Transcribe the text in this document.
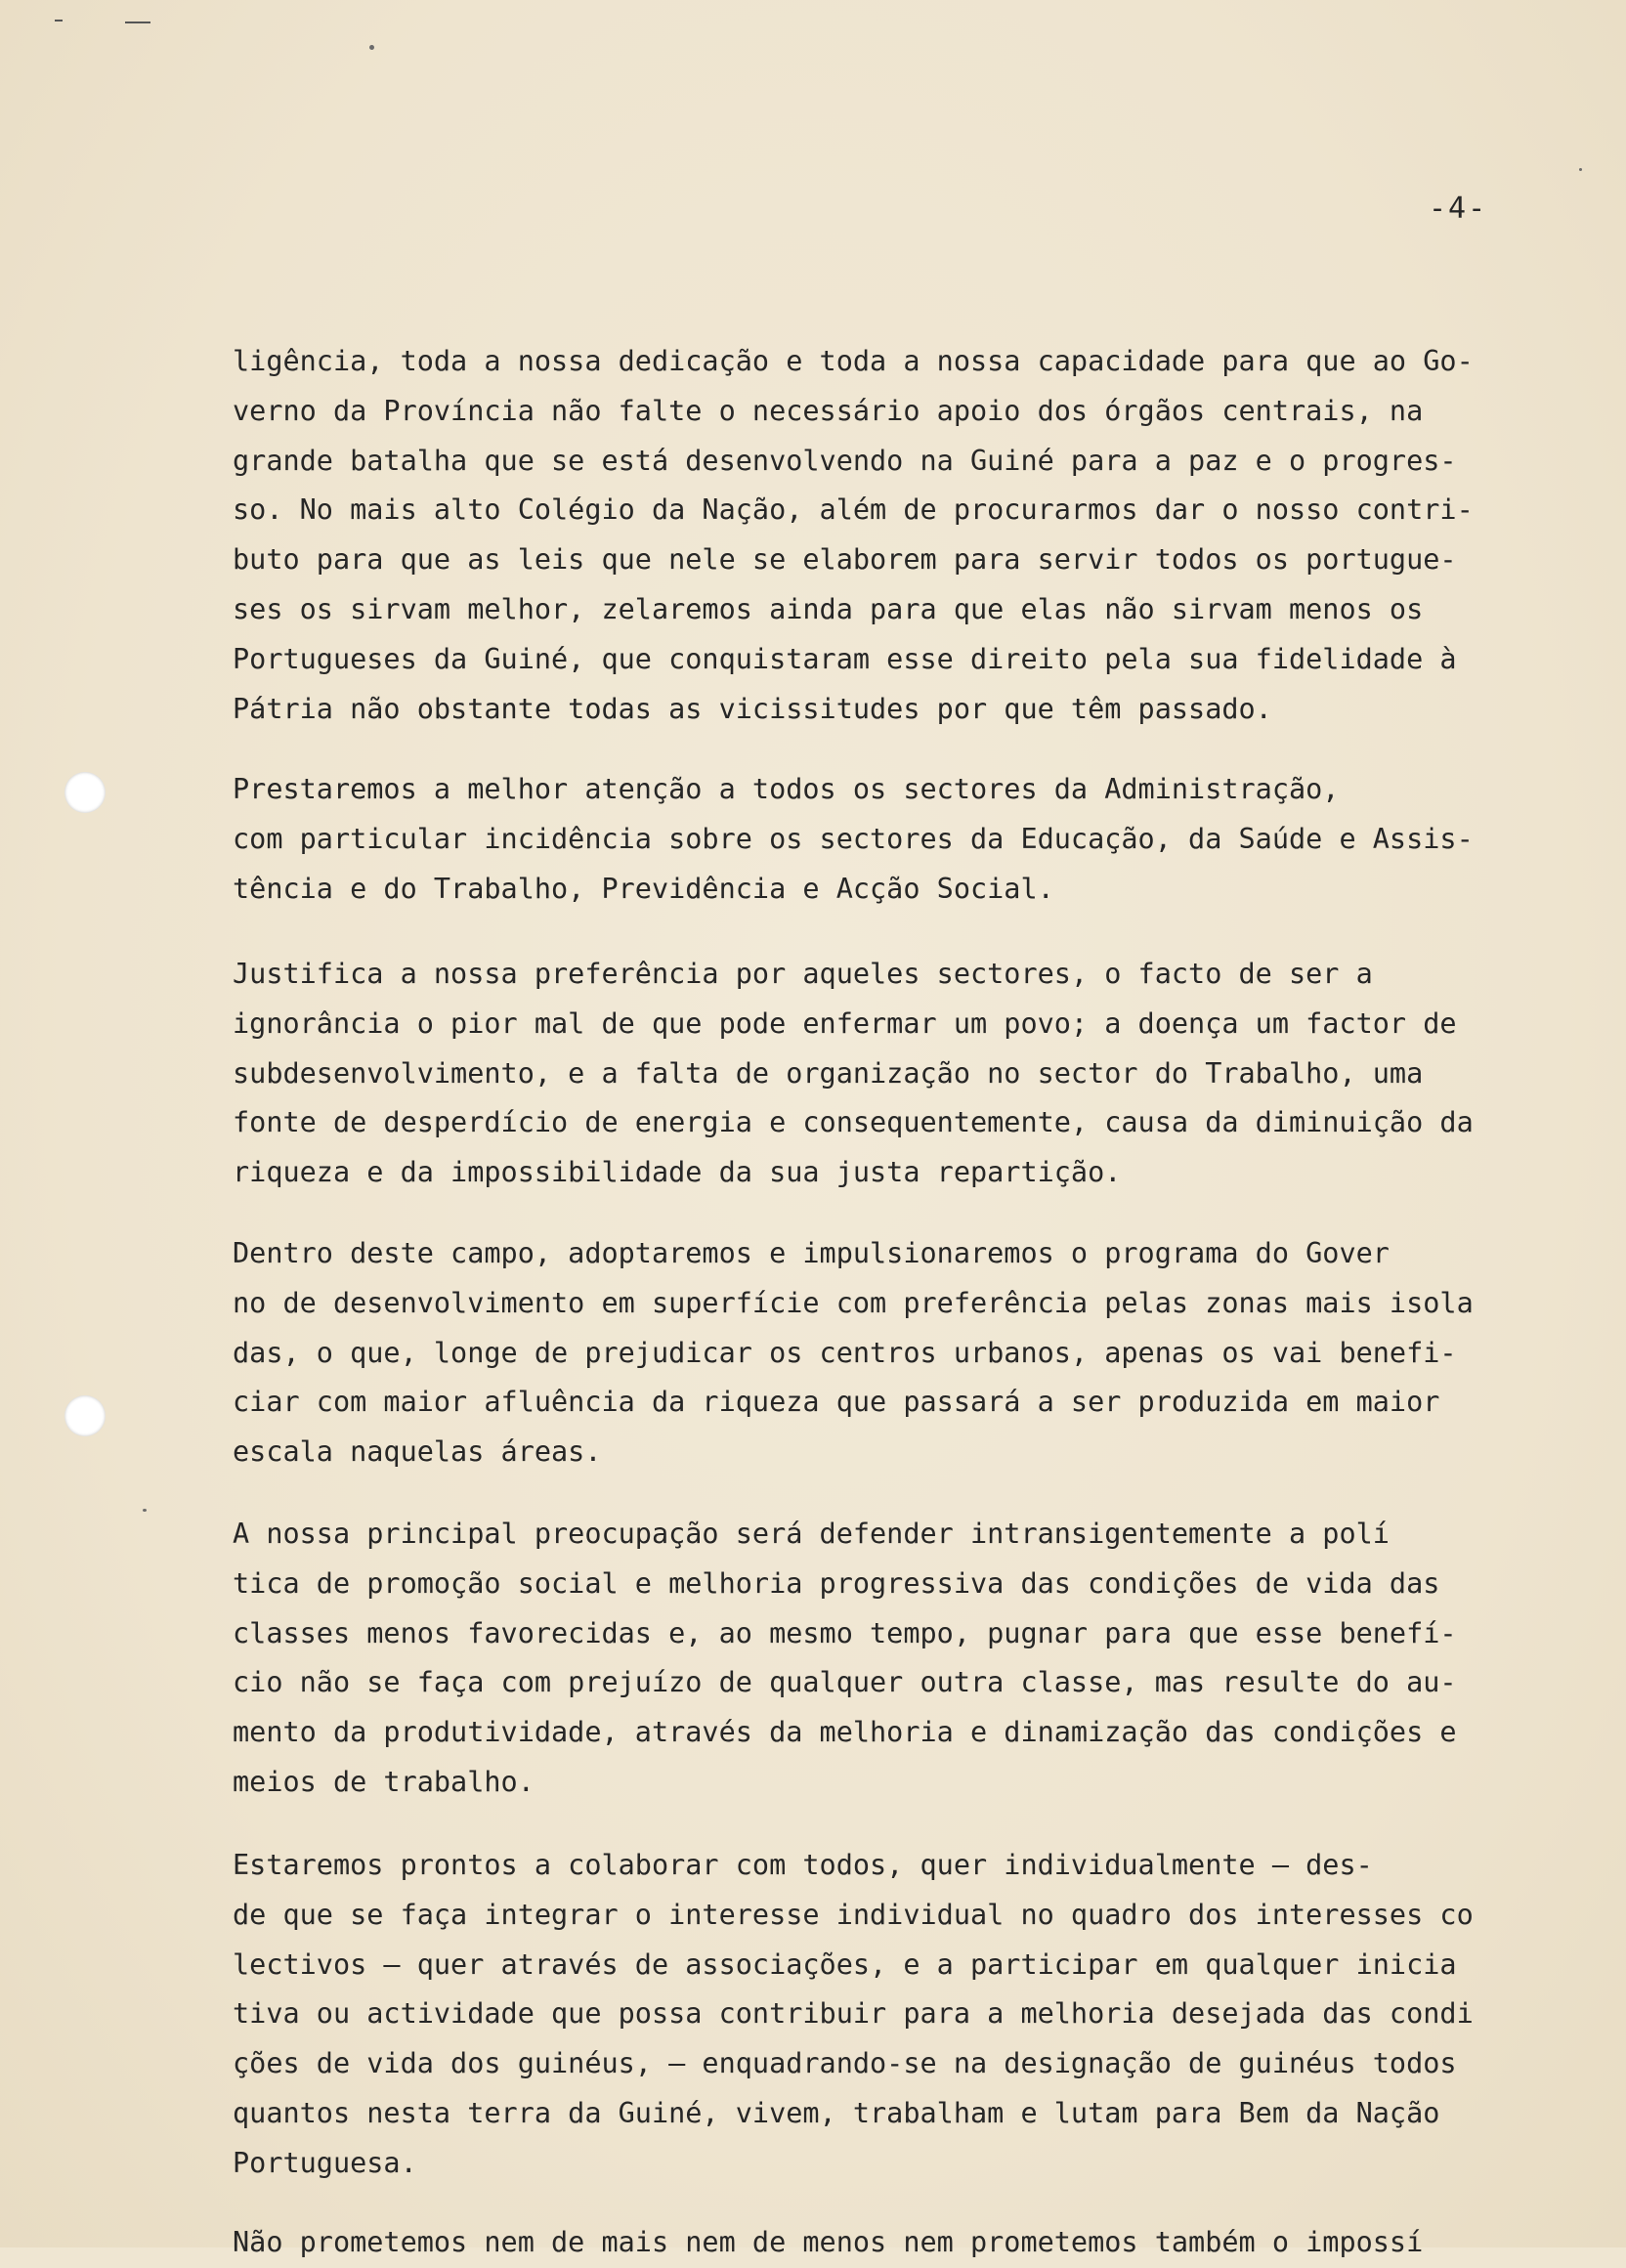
-4-

ligência, toda a nossa dedicação e toda a nossa capacidade para que ao Go-
verno da Província não falte o necessário apoio dos órgãos centrais, na
grande batalha que se está desenvolvendo na Guiné para a paz e o progres-
so. No mais alto Colégio da Nação, além de procurarmos dar o nosso contri-
buto para que as leis que nele se elaborem para servir todos os portugue-
ses os sirvam melhor, zelaremos ainda para que elas não sirvam menos os
Portugueses da Guiné, que conquistaram esse direito pela sua fidelidade à
Pátria não obstante todas as vicissitudes por que têm passado.

Prestaremos a melhor atenção a todos os sectores da Administração,
com particular incidência sobre os sectores da Educação, da Saúde e Assis-
tência e do Trabalho, Previdência e Acção Social.

Justifica a nossa preferência por aqueles sectores, o facto de ser a
ignorância o pior mal de que pode enfermar um povo; a doença um factor de
subdesenvolvimento, e a falta de organização no sector do Trabalho, uma
fonte de desperdício de energia e consequentemente, causa da diminuição da
riqueza e da impossibilidade da sua justa repartição.

Dentro deste campo, adoptaremos e impulsionaremos o programa do Gover
no de desenvolvimento em superfície com preferência pelas zonas mais isola
das, o que, longe de prejudicar os centros urbanos, apenas os vai benefi-
ciar com maior afluência da riqueza que passará a ser produzida em maior
escala naquelas áreas.

A nossa principal preocupação será defender intransigentemente a polí
tica de promoção social e melhoria progressiva das condições de vida das
classes menos favorecidas e, ao mesmo tempo, pugnar para que esse benefí-
cio não se faça com prejuízo de qualquer outra classe, mas resulte do au-
mento da produtividade, através da melhoria e dinamização das condições e
meios de trabalho.

Estaremos prontos a colaborar com todos, quer individualmente — des-
de que se faça integrar o interesse individual no quadro dos interesses co
lectivos — quer através de associações, e a participar em qualquer inicia
tiva ou actividade que possa contribuir para a melhoria desejada das condi
ções de vida dos guinéus, — enquadrando-se na designação de guinéus todos
quantos nesta terra da Guiné, vivem, trabalham e lutam para Bem da Nação
Portuguesa.

Não prometemos nem de mais nem de menos nem prometemos também o impossí
